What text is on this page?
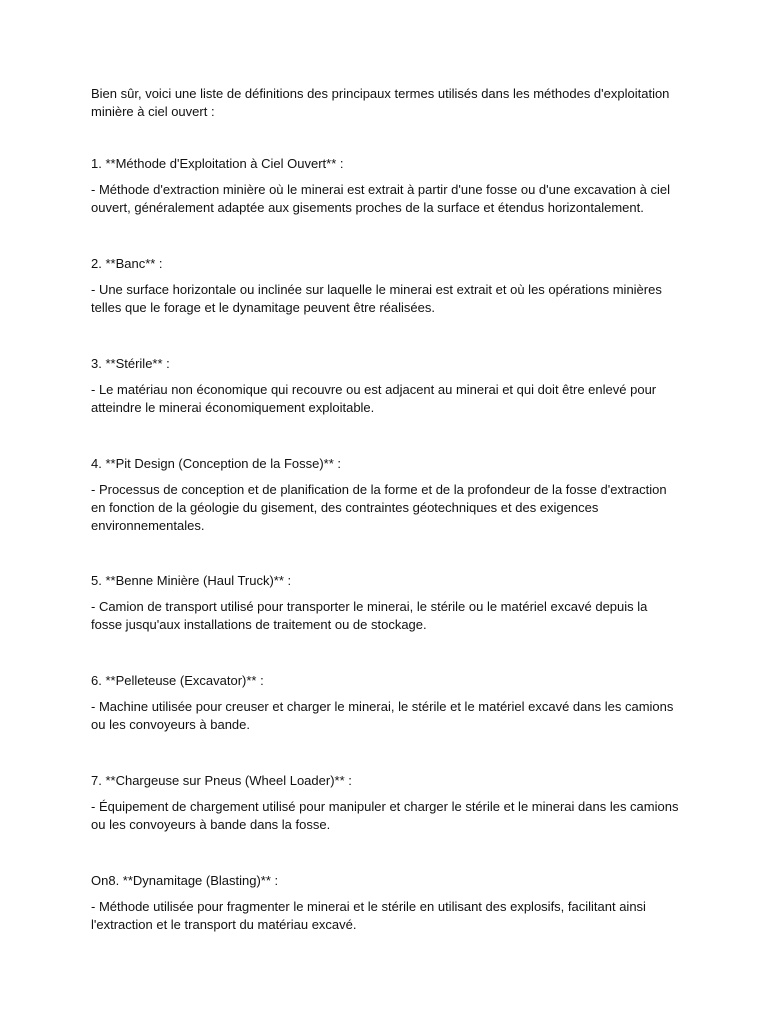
Bien sûr, voici une liste de définitions des principaux termes utilisés dans les méthodes d'exploitation minière à ciel ouvert :

1. **Méthode d'Exploitation à Ciel Ouvert** :

- Méthode d'extraction minière où le minerai est extrait à partir d'une fosse ou d'une excavation à ciel ouvert, généralement adaptée aux gisements proches de la surface et étendus horizontalement.

2. **Banc** :

- Une surface horizontale ou inclinée sur laquelle le minerai est extrait et où les opérations minières telles que le forage et le dynamitage peuvent être réalisées.

3. **Stérile** :

- Le matériau non économique qui recouvre ou est adjacent au minerai et qui doit être enlevé pour atteindre le minerai économiquement exploitable.

4. **Pit Design (Conception de la Fosse)** :

- Processus de conception et de planification de la forme et de la profondeur de la fosse d'extraction en fonction de la géologie du gisement, des contraintes géotechniques et des exigences environnementales.

5. **Benne Minière (Haul Truck)** :

- Camion de transport utilisé pour transporter le minerai, le stérile ou le matériel excavé depuis la fosse jusqu'aux installations de traitement ou de stockage.

6. **Pelleteuse (Excavator)** :

- Machine utilisée pour creuser et charger le minerai, le stérile et le matériel excavé dans les camions ou les convoyeurs à bande.

7. **Chargeuse sur Pneus (Wheel Loader)** :

- Équipement de chargement utilisé pour manipuler et charger le stérile et le minerai dans les camions ou les convoyeurs à bande dans la fosse.

On8. **Dynamitage (Blasting)** :

- Méthode utilisée pour fragmenter le minerai et le stérile en utilisant des explosifs, facilitant ainsi l'extraction et le transport du matériau excavé.
